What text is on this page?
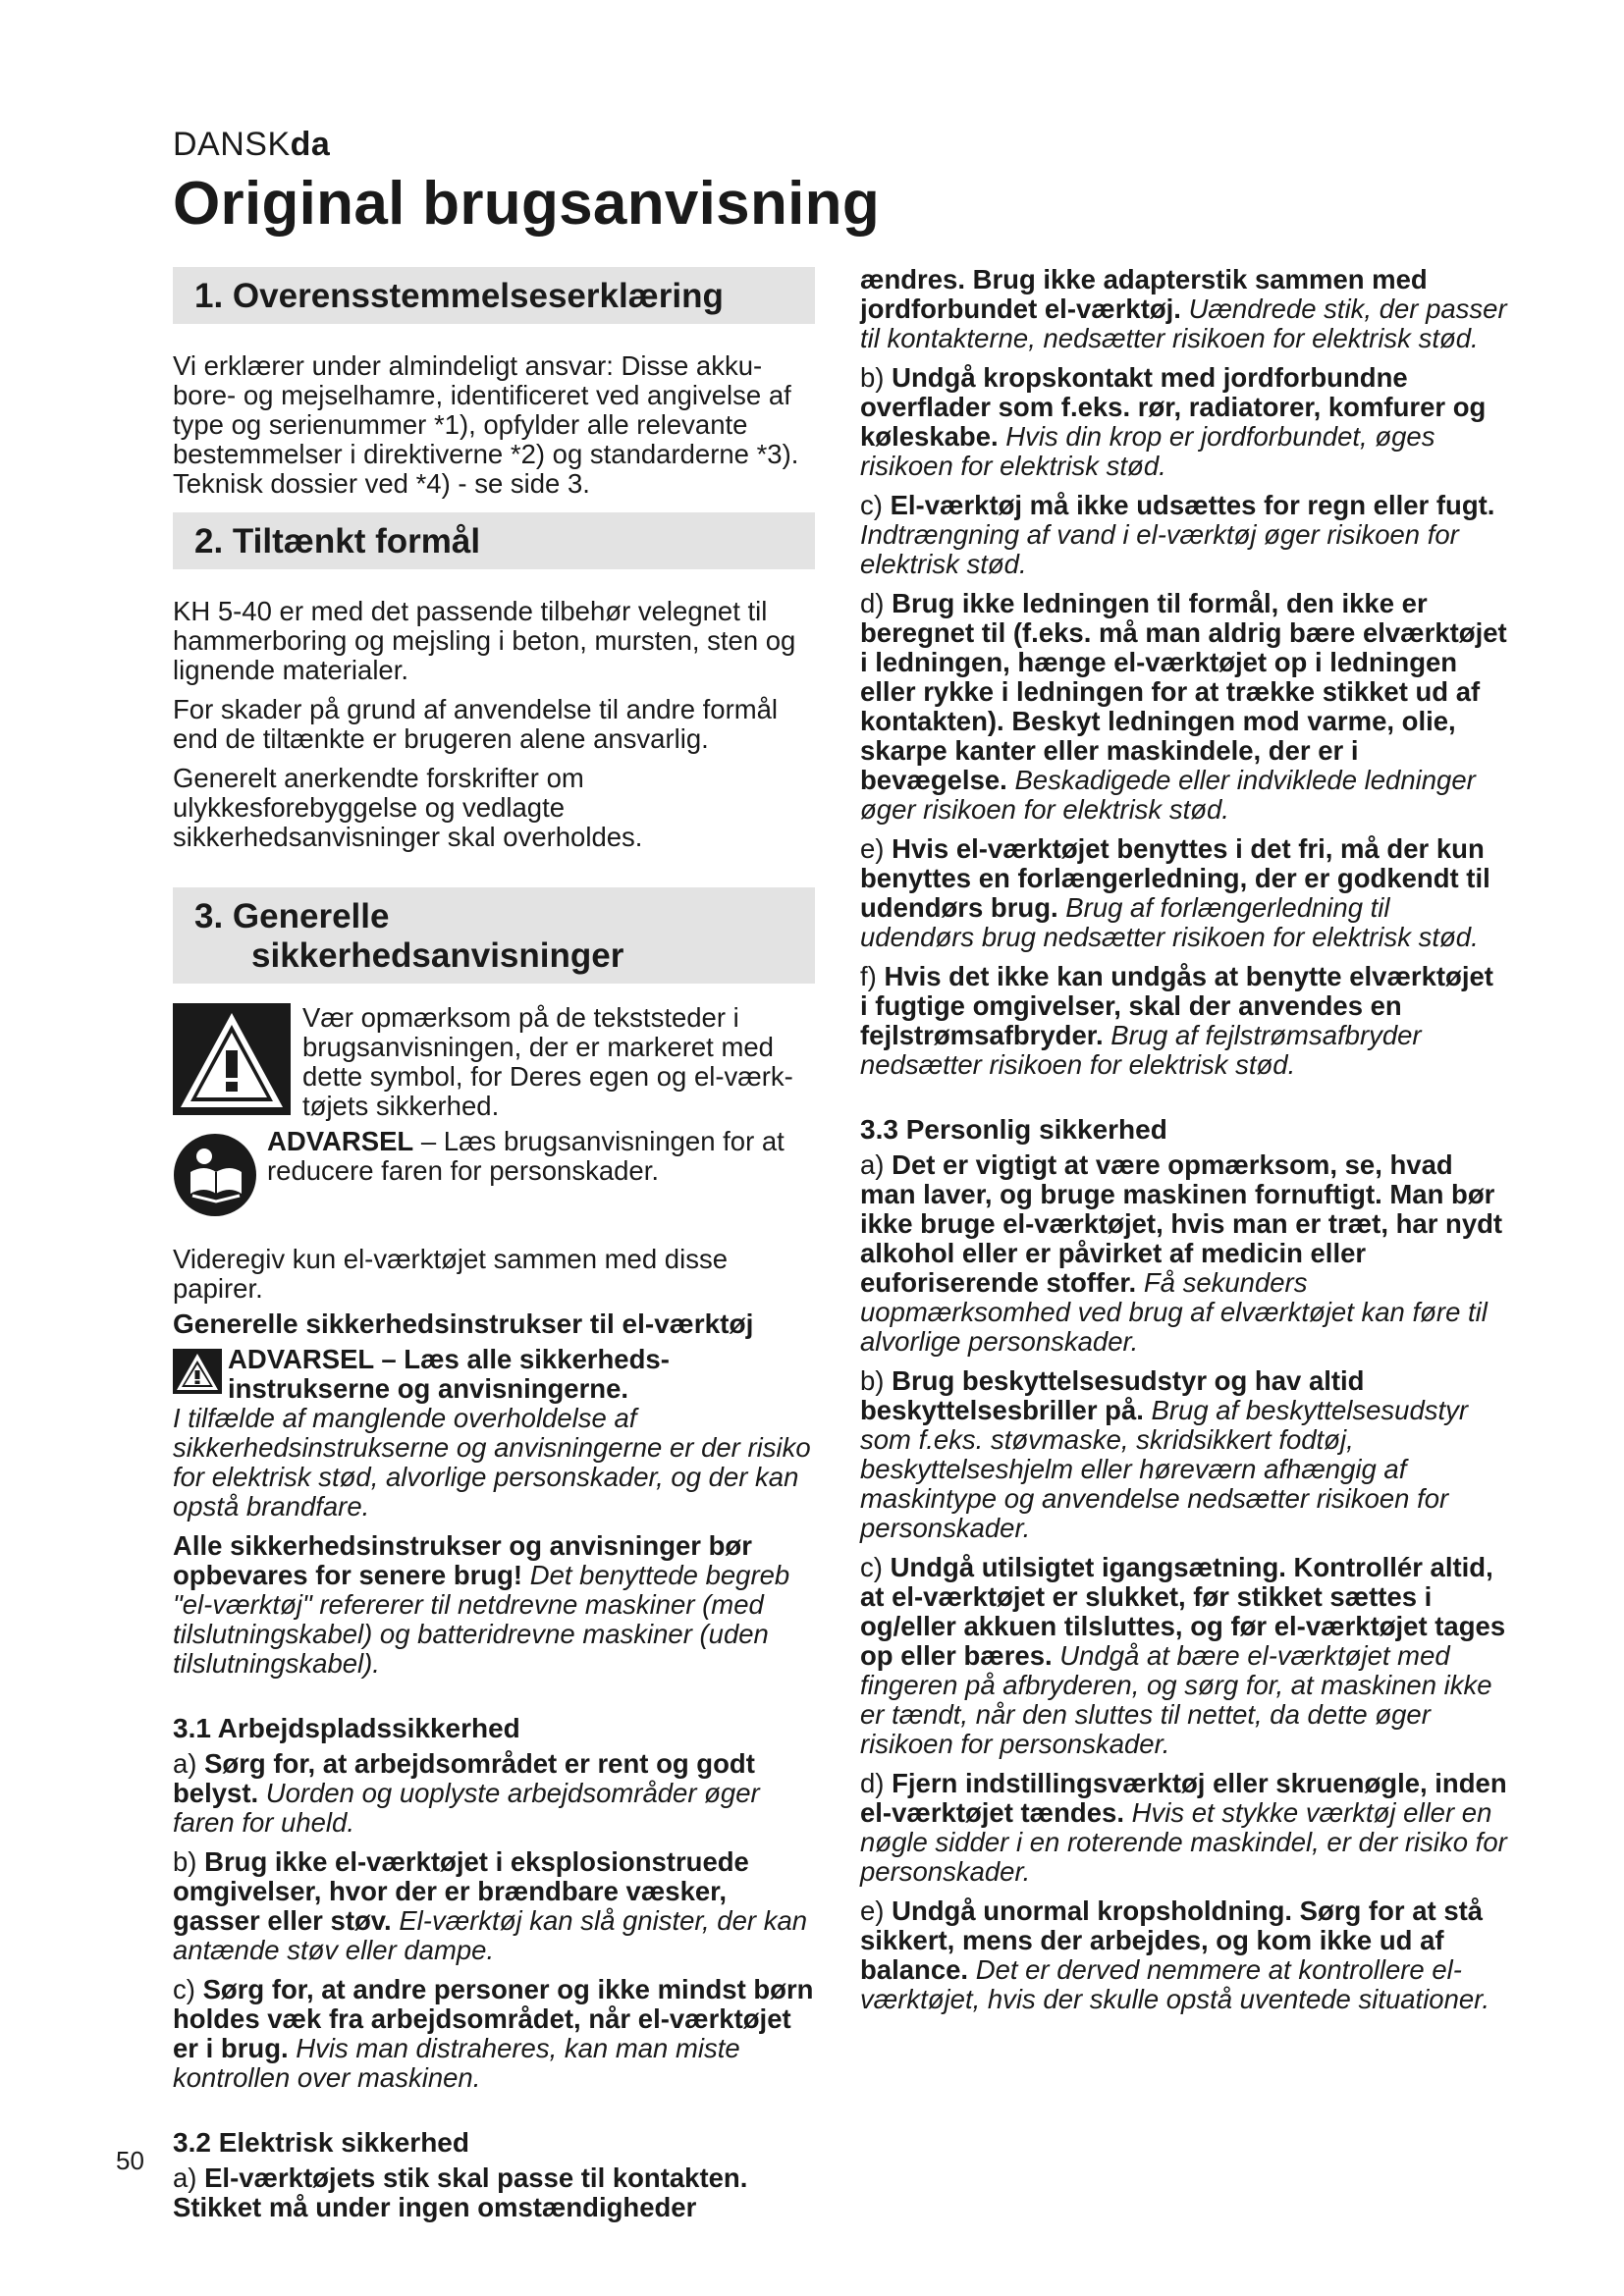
DANSKda
Original brugsanvisning
1. Overensstemmelseserklæring

Vi erklærer under almindeligt ansvar: Disse akku-bore- og mejselhamre, identificeret ved angivelse af type og serienummer *1), opfylder alle relevante bestemmelser i direktiverne *2) og standarderne *3). Teknisk dossier ved *4) - se side 3.

2. Tiltænkt formål

KH 5-40 er med det passende tilbehør velegnet til hammerboring og mejsling i beton, mursten, sten og lignende materialer.

For skader på grund af anvendelse til andre formål end de tiltænkte er brugeren alene ansvarlig.

Generelt anerkendte forskrifter om ulykkesforebyggelse og vedlagte sikkerhedsanvisninger skal overholdes.

3. Generelle
sikkerhedsanvisninger

Vær opmærksom på de tekststeder i brugsanvisningen, der er markeret med dette symbol, for Deres egen og el-værk-tøjets sikkerhed.

ADVARSEL – Læs brugsanvisningen for at reducere faren for personskader.

Videregiv kun el-værktøjet sammen med disse papirer.

Generelle sikkerhedsinstrukser til el-værktøj

ADVARSEL – Læs alle sikkerheds-instrukserne og anvisningerne.

I tilfælde af manglende overholdelse af sikkerhedsinstrukserne og anvisningerne er der risiko for elektrisk stød, alvorlige personskader, og der kan opstå brandfare.

Alle sikkerhedsinstrukser og anvisninger bør opbevares for senere brug! Det benyttede begreb "el-værktøj" refererer til netdrevne maskiner (med tilslutningskabel) og batteridrevne maskiner (uden tilslutningskabel).

3.1 Arbejdspladssikkerhed

a) Sørg for, at arbejdsområdet er rent og godt belyst. Uorden og uoplyste arbejdsområder øger faren for uheld.

b) Brug ikke el-værktøjet i eksplosionstruede omgivelser, hvor der er brændbare væsker, gasser eller støv. El-værktøj kan slå gnister, der kan antænde støv eller dampe.

c) Sørg for, at andre personer og ikke mindst børn holdes væk fra arbejdsområdet, når el-værktøjet er i brug. Hvis man distraheres, kan man miste kontrollen over maskinen.

3.2 Elektrisk sikkerhed

a) El-værktøjets stik skal passe til kontakten. Stikket må under ingen omstændigheder

ændres. Brug ikke adapterstik sammen med jordforbundet el-værktøj. Uændrede stik, der passer til kontakterne, nedsætter risikoen for elektrisk stød.

b) Undgå kropskontakt med jordforbundne overflader som f.eks. rør, radiatorer, komfurer og køleskabe. Hvis din krop er jordforbundet, øges risikoen for elektrisk stød.

c) El-værktøj må ikke udsættes for regn eller fugt. Indtrængning af vand i el-værktøj øger risikoen for elektrisk stød.

d) Brug ikke ledningen til formål, den ikke er beregnet til (f.eks. må man aldrig bære elværktøjet i ledningen, hænge el-værktøjet op i ledningen eller rykke i ledningen for at trække stikket ud af kontakten). Beskyt ledningen mod varme, olie, skarpe kanter eller maskindele, der er i bevægelse. Beskadigede eller indviklede ledninger øger risikoen for elektrisk stød.

e) Hvis el-værktøjet benyttes i det fri, må der kun benyttes en forlængerledning, der er godkendt til udendørs brug. Brug af forlængerledning til udendørs brug nedsætter risikoen for elektrisk stød.

f) Hvis det ikke kan undgås at benytte elværktøjet i fugtige omgivelser, skal der anvendes en fejlstrømsafbryder. Brug af fejlstrømsafbryder nedsætter risikoen for elektrisk stød.

3.3 Personlig sikkerhed

a) Det er vigtigt at være opmærksom, se, hvad man laver, og bruge maskinen fornuftigt. Man bør ikke bruge el-værktøjet, hvis man er træt, har nydt alkohol eller er påvirket af medicin eller euforiserende stoffer. Få sekunders uopmærksomhed ved brug af elværktøjet kan føre til alvorlige personskader.

b) Brug beskyttelsesudstyr og hav altid beskyttelsesbriller på. Brug af beskyttelsesudstyr som f.eks. støvmaske, skridsikkert fodtøj, beskyttelseshjelm eller høreværn afhængig af maskintype og anvendelse nedsætter risikoen for personskader.

c) Undgå utilsigtet igangsætning. Kontrollér altid, at el-værktøjet er slukket, før stikket sættes i og/eller akkuen tilsluttes, og før el-værktøjet tages op eller bæres. Undgå at bære el-værktøjet med fingeren på afbryderen, og sørg for, at maskinen ikke er tændt, når den sluttes til nettet, da dette øger risikoen for personskader.

d) Fjern indstillingsværktøj eller skruenøgle, inden el-værktøjet tændes. Hvis et stykke værktøj eller en nøgle sidder i en roterende maskindel, er der risiko for personskader.

e) Undgå unormal kropsholdning. Sørg for at stå sikkert, mens der arbejdes, og kom ikke ud af balance. Det er derved nemmere at kontrollere el-værktøjet, hvis der skulle opstå uventede situationer.

50
